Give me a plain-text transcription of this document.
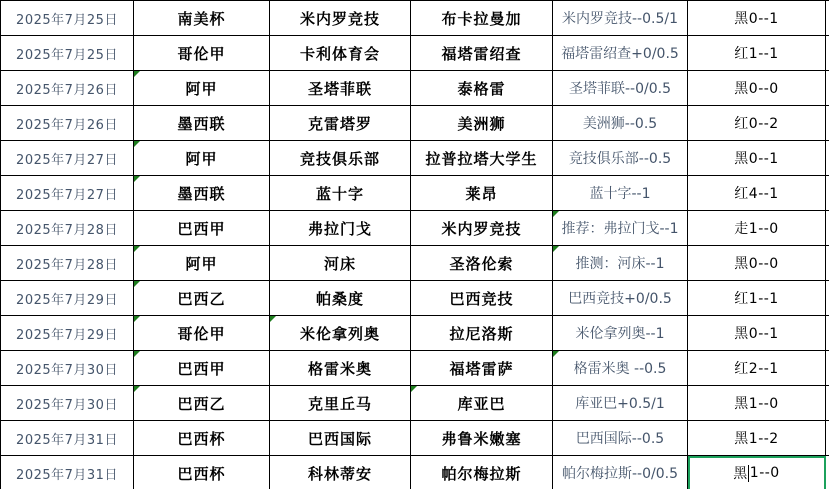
2025年7月25日	南美杯	米内罗竞技	布卡拉曼加	米内罗竞技--0.5/1	黑0--1
2025年7月25日	哥伦甲	卡利体育会	福塔雷绍查	福塔雷绍查+0/0.5	红1--1
2025年7月26日	阿甲	圣塔菲联	泰格雷	圣塔菲联--0/0.5	黑0--0
2025年7月26日	墨西联	克雷塔罗	美洲狮	美洲狮--0.5	红0--2
2025年7月27日	阿甲	竞技俱乐部	拉普拉塔大学生	竞技俱乐部--0.5	黑0--1
2025年7月27日	墨西联	蓝十字	莱昂	蓝十字--1	红4--1
2025年7月28日	巴西甲	弗拉门戈	米内罗竞技	推荐：弗拉门戈--1	走1--0
2025年7月28日	阿甲	河床	圣洛伦索	推测：河床--1	黑0--0
2025年7月29日	巴西乙	帕桑度	巴西竞技	巴西竞技+0/0.5	红1--1
2025年7月29日	哥伦甲	米伦拿列奥	拉尼洛斯	米伦拿列奥--1	黑0--1
2025年7月30日	巴西甲	格雷米奥	福塔雷萨	格雷米奥 --0.5	红2--1
2025年7月30日	巴西乙	克里丘马	库亚巴	库亚巴+0.5/1	黑1--0
2025年7月31日	巴西杯	巴西国际	弗鲁米嫩塞	巴西国际--0.5	黑1--2
2025年7月31日	巴西杯	科林蒂安	帕尔梅拉斯	帕尔梅拉斯--0/0.5	黑 1--0
